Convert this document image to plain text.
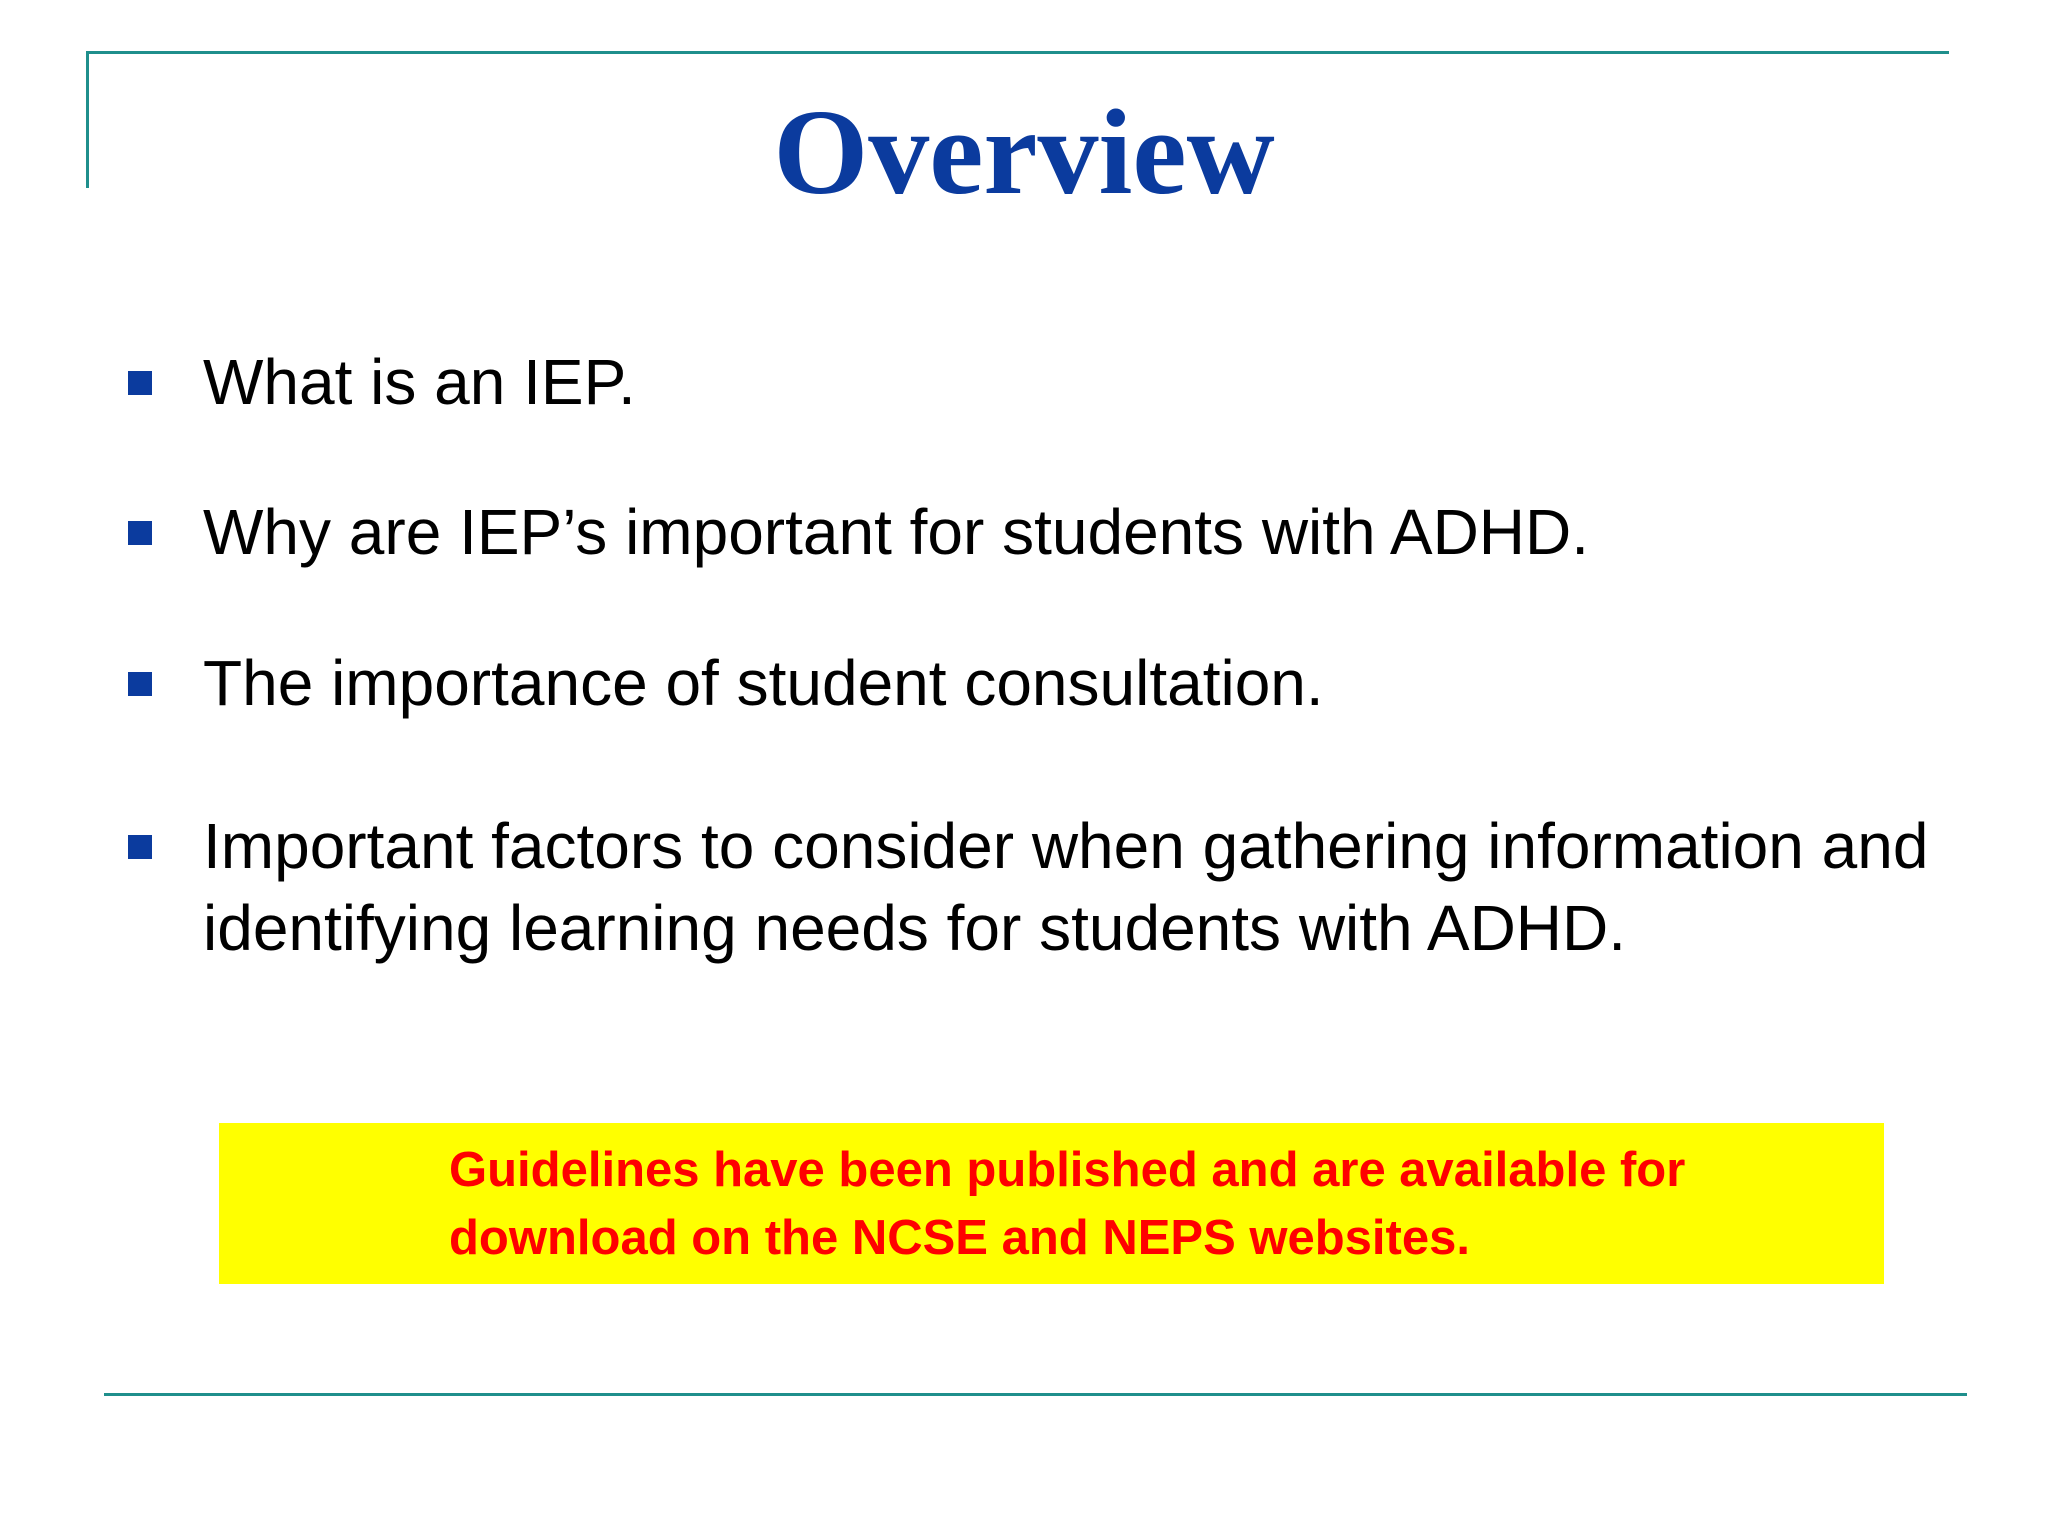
Overview
What is an IEP.
Why are IEP’s important for students with ADHD.
The importance of student consultation.
Important factors to consider when gathering information and identifying learning needs for students with ADHD.
Guidelines have been published and are available for download on the NCSE and NEPS websites.
